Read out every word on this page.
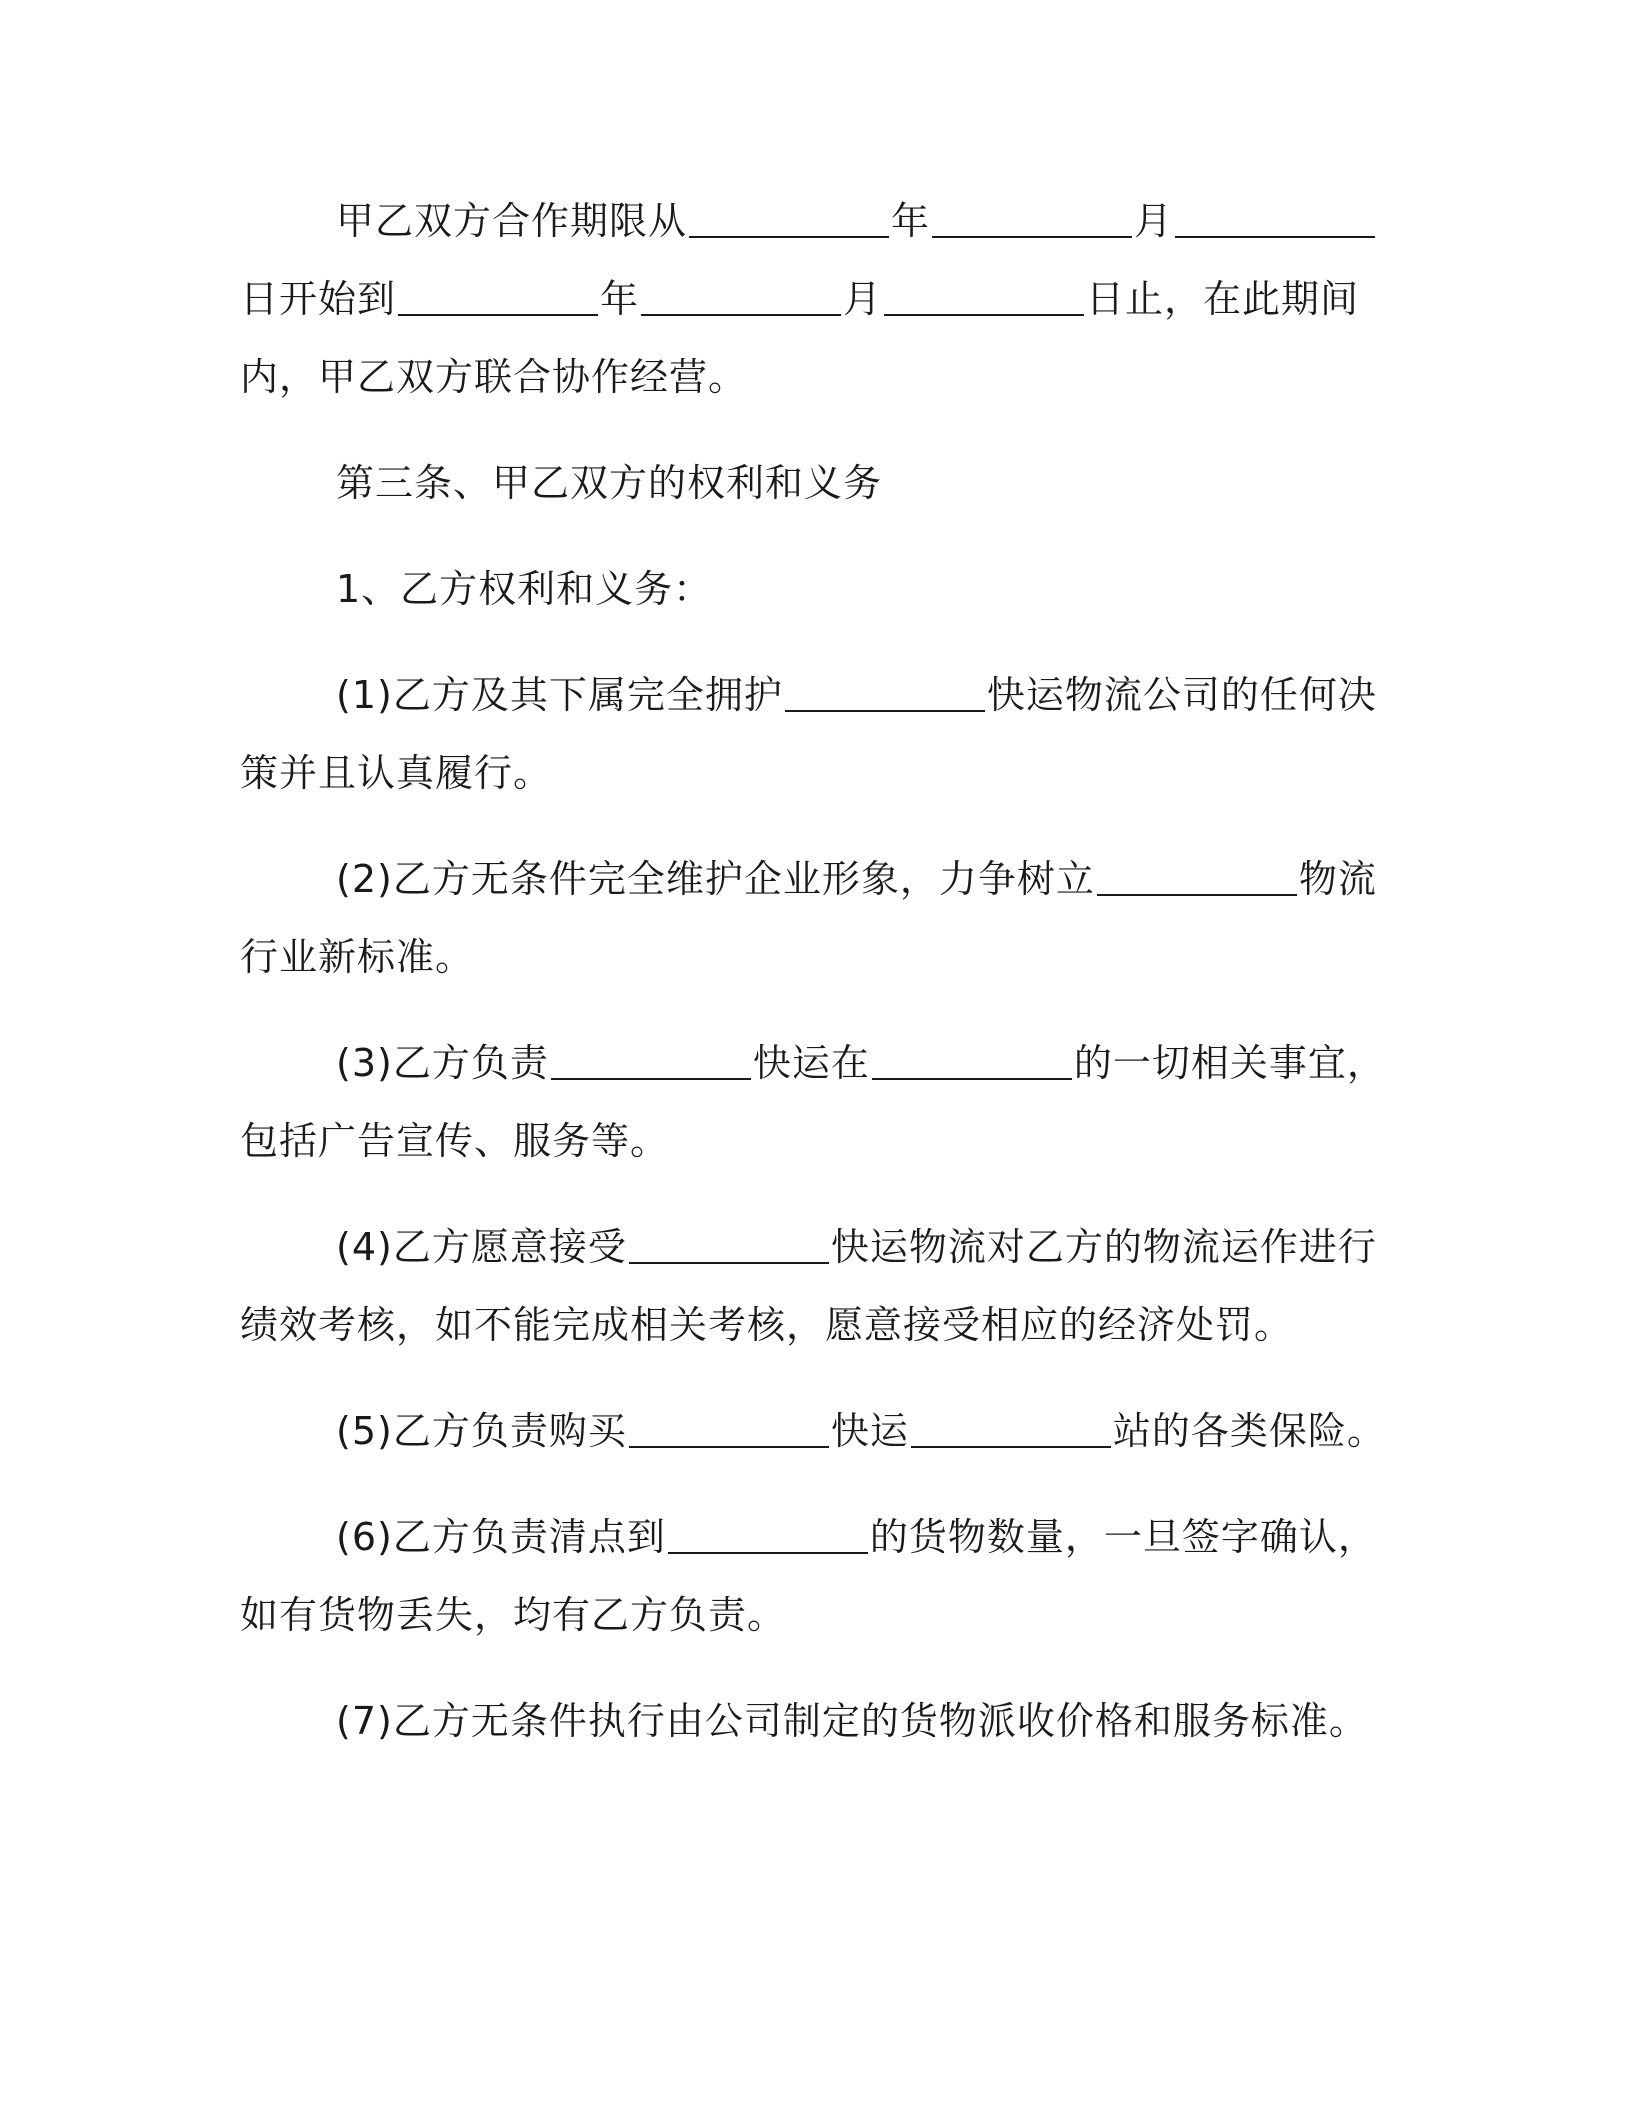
甲乙双方合作期限从	年	月日开始到	年	月	日止，在此期间内，甲乙双方联合协作经营。

第三条、甲乙双方的权利和义务

1、乙方权利和义务：

(1)乙方及其下属完全拥护	快运物流公司的任何决策并且认真履行。

(2)乙方无条件完全维护企业形象，力争树立	物流行业新标准。

(3)乙方负责	快运在	的一切相关事宜，包括广告宣传、服务等。

(4)乙方愿意接受	快运物流对乙方的物流运作进行绩效考核，如不能完成相关考核，愿意接受相应的经济处罚。

(5)乙方负责购买	快运	站的各类保险。

(6)乙方负责清点到	的货物数量，一旦签字确认，如有货物丢失，均有乙方负责。

(7)乙方无条件执行由公司制定的货物派收价格和服务标准。
